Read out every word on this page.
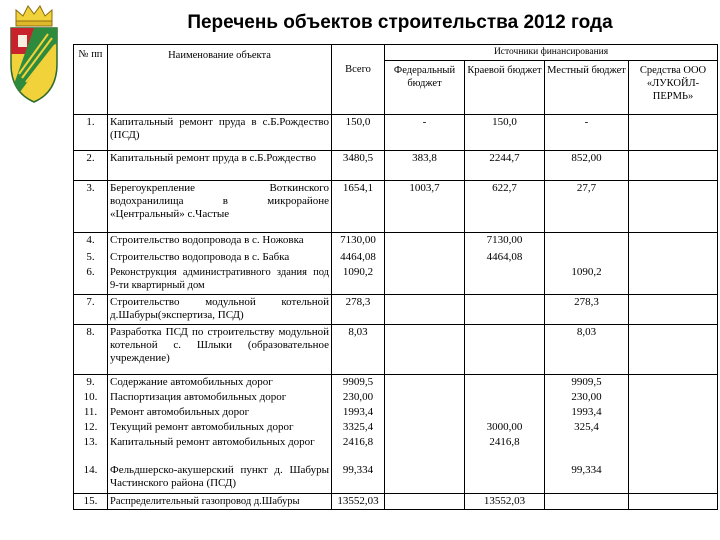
Перечень объектов строительства 2012 года
№ пп	Наименование объекта	Всего	Источники финансирования			
			Федеральный бюджет	Краевой бюджет	Местный бюджет	Средства ООО «ЛУКОЙЛ-ПЕРМЬ»
1.	Капитальный ремонт пруда в с.Б.Рождество (ПСД)	150,0	-	150,0	-	
2.	Капитальный ремонт пруда в с.Б.Рождество	3480,5	383,8	2244,7	852,00	
3.	Берегоукрепление Воткинского водохранилища в микрорайоне «Центральный» с.Частые	1654,1	1003,7	622,7	27,7	
4.	Строительство водопровода в с. Ножовка	7130,00		7130,00		
5.	Строительство водопровода в с. Бабка	4464,08		4464,08		
6.	Реконструкция административного здания под 9-ти квартирный дом	1090,2			1090,2	
7.	Строительство модульной котельной д.Шабуры(экспертиза, ПСД)	278,3			278,3	
8.	Разработка ПСД по строительству модульной котельной с. Шлыки (образовательное учреждение)	8,03			8,03	
9.	Содержание автомобильных дорог	9909,5			9909,5	
10.	Паспортизация автомобильных дорог	230,00			230,00	
11.	Ремонт автомобильных дорог	1993,4			1993,4	
12.	Текущий ремонт автомобильных дорог	3325,4		3000,00	325,4	
13.	Капитальный ремонт автомобильных дорог	2416,8		2416,8		
14.	Фельдшерско-акушерский пункт д. Шабуры Частинского района (ПСД)	99,334			99,334	
15.	Распределительный газопровод д.Шабуры	13552,03		13552,03		
